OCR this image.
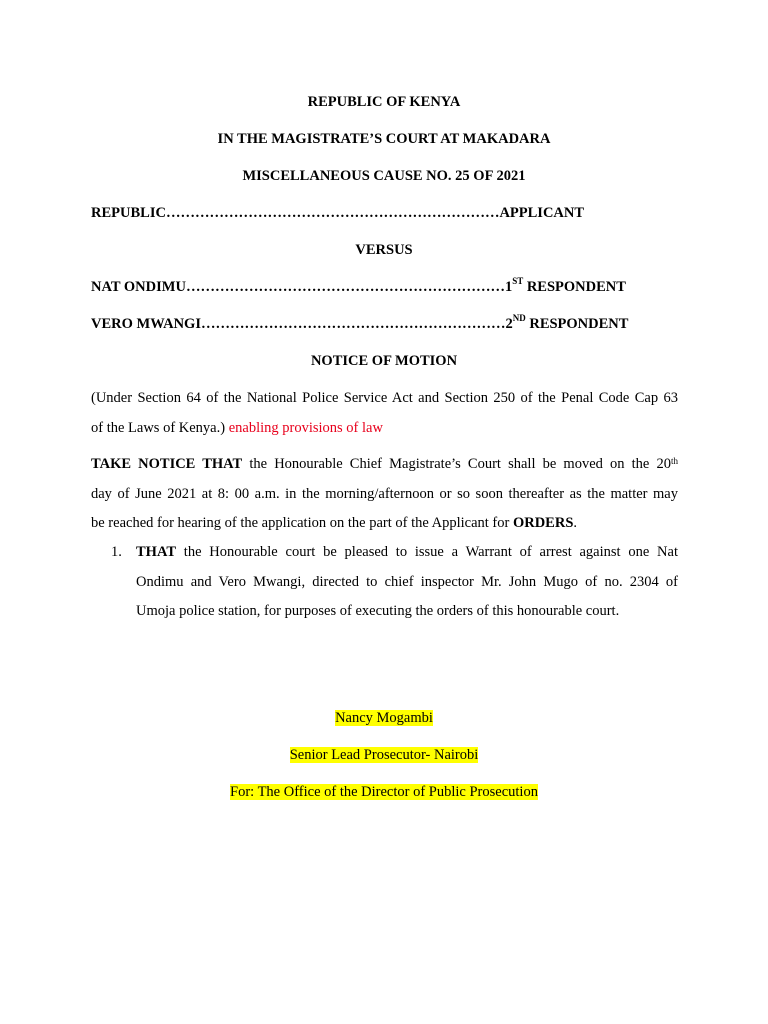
REPUBLIC OF KENYA
IN THE MAGISTRATE’S COURT AT MAKADARA
MISCELLANEOUS CAUSE NO. 25 OF 2021
REPUBLIC……………………………………………………………APPLICANT
VERSUS
NAT ONDIMU…………………………………………………………1ST RESPONDENT
VERO MWANGI………………………………………………………2ND RESPONDENT
NOTICE OF MOTION
(Under Section 64 of the National Police Service Act and Section 250 of the Penal Code Cap 63
of the Laws of Kenya.) enabling provisions of law
TAKE NOTICE THAT the Honourable Chief Magistrate’s Court shall be moved on the 20th
day of June 2021 at 8: 00 a.m. in the morning/afternoon or so soon thereafter as the matter may
be reached for hearing of the application on the part of the Applicant for ORDERS.
1. THAT the Honourable court be pleased to issue a Warrant of arrest against one Nat
Ondimu and Vero Mwangi, directed to chief inspector Mr. John Mugo of no. 2304 of
Umoja police station, for purposes of executing the orders of this honourable court.
Nancy Mogambi
Senior Lead Prosecutor- Nairobi
For: The Office of the Director of Public Prosecution
